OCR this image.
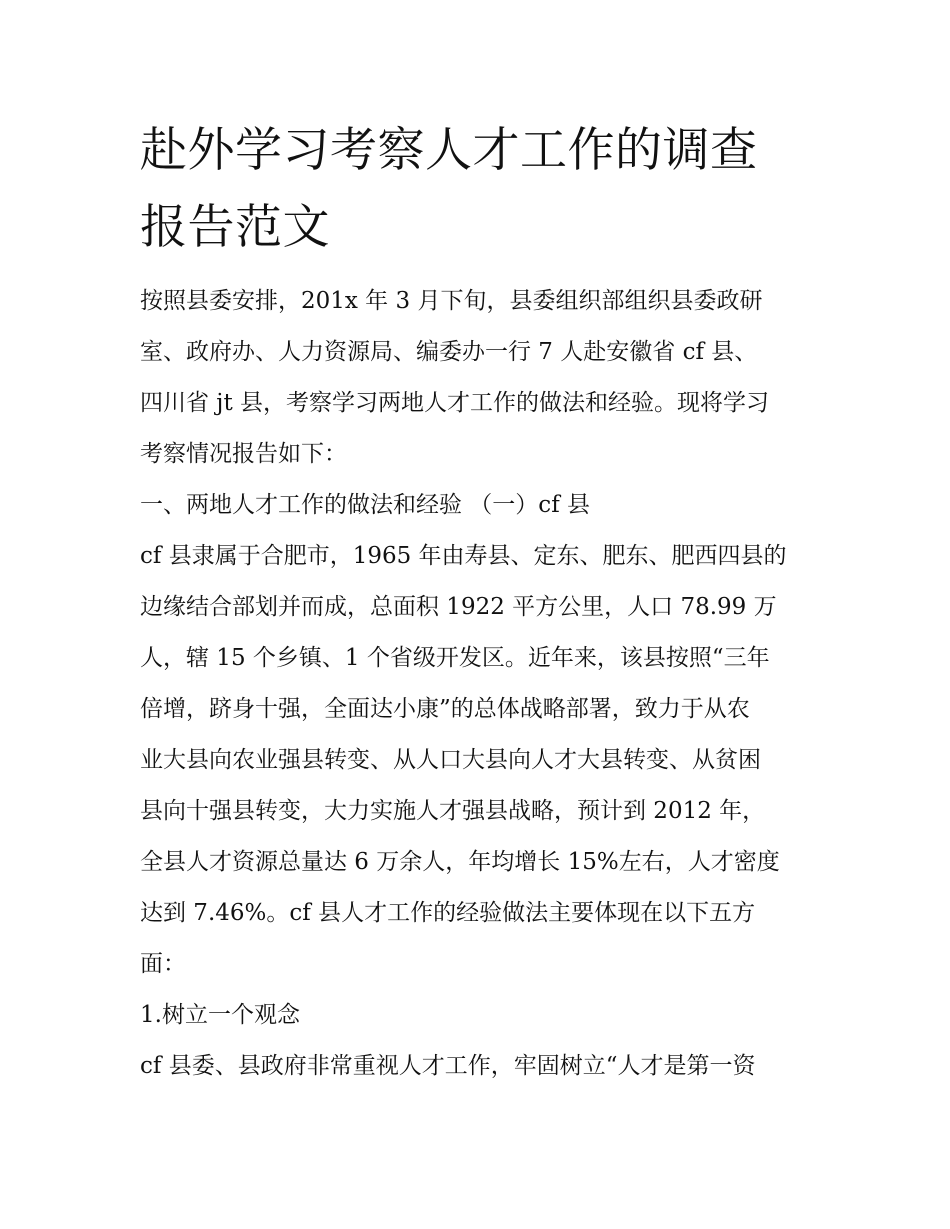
赴外学习考察人才工作的调查
报告范文
按照县委安排，201x 年 3 月下旬，县委组织部组织县委政研
室、政府办、人力资源局、编委办一行 7 人赴安徽省 cf 县、
四川省 jt 县，考察学习两地人才工作的做法和经验。现将学习
考察情况报告如下：
一、两地人才工作的做法和经验 （一）cf 县
cf 县隶属于合肥市，1965 年由寿县、定东、肥东、肥西四县的
边缘结合部划并而成，总面积 1922 平方公里，人口 78.99 万
人，辖 15 个乡镇、1 个省级开发区。近年来，该县按照“三年
倍增，跻身十强，全面达小康”的总体战略部署，致力于从农
业大县向农业强县转变、从人口大县向人才大县转变、从贫困
县向十强县转变，大力实施人才强县战略，预计到 2012 年，
全县人才资源总量达 6 万余人，年均增长 15%左右，人才密度
达到 7.46%。cf 县人才工作的经验做法主要体现在以下五方
面：
1.树立一个观念
cf 县委、县政府非常重视人才工作，牢固树立“人才是第一资
